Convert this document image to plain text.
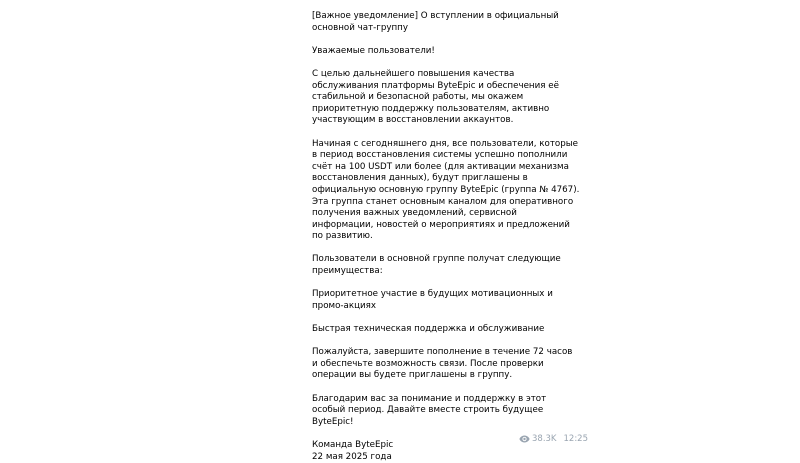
[Важное уведомление] О вступлении в официальный основной чат-группу

Уважаемые пользователи!

С целью дальнейшего повышения качества обслуживания платформы ByteEpic и обеспечения её стабильной и безопасной работы, мы окажем приоритетную поддержку пользователям, активно участвующим в восстановлении аккаунтов.

Начиная с сегодняшнего дня, все пользователи, которые в период восстановления системы успешно пополнили счёт на 100 USDT или более (для активации механизма восстановления данных), будут приглашены в официальную основную группу ByteEpic (группа № 4767). Эта группа станет основным каналом для оперативного получения важных уведомлений, сервисной информации, новостей о мероприятиях и предложений по развитию.

Пользователи в основной группе получат следующие преимущества:

Приоритетное участие в будущих мотивационных и промо-акциях

Быстрая техническая поддержка и обслуживание

Пожалуйста, завершите пополнение в течение 72 часов и обеспечьте возможность связи. После проверки операции вы будете приглашены в группу.

Благодарим вас за понимание и поддержку в этот особый период. Давайте вместе строить будущее ByteEpic!

Команда ByteEpic

22 мая 2025 года

38.3K 12:25
